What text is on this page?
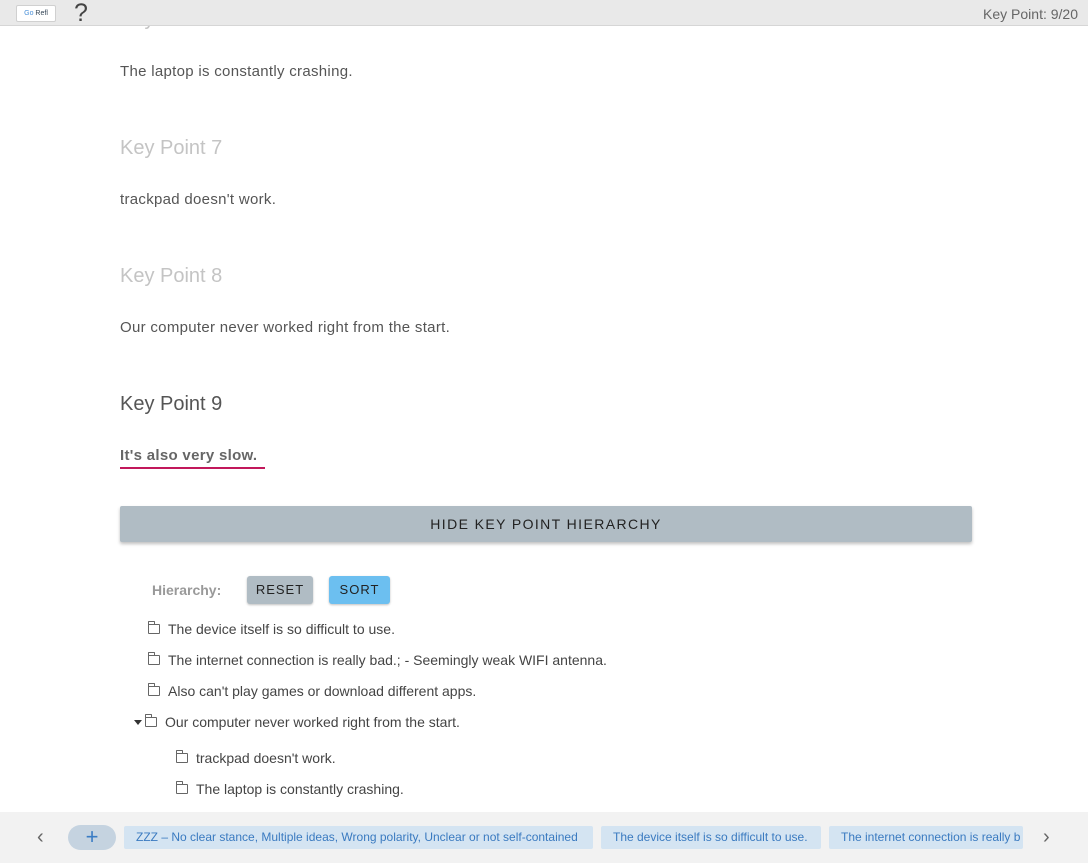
The laptop is constantly crashing.
Key Point 7
trackpad doesn't work.
Key Point 8
Our computer never worked right from the start.
Key Point 9
It's also very slow.
HIDE KEY POINT HIERARCHY
Hierarchy:	RESET	SORT
The device itself is so difficult to use.
The internet connection is really bad.; - Seemingly weak WIFI antenna.
Also can't play games or download different apps.
Our computer never worked right from the start.
trackpad doesn't work.
The laptop is constantly crashing.
Go Refl	?	Key Point: 9/20
‹	+	ZZZ – No clear stance, Multiple ideas, Wrong polarity, Unclear or not self-contained	The device itself is so difficult to use.	The internet connection is really b ›
